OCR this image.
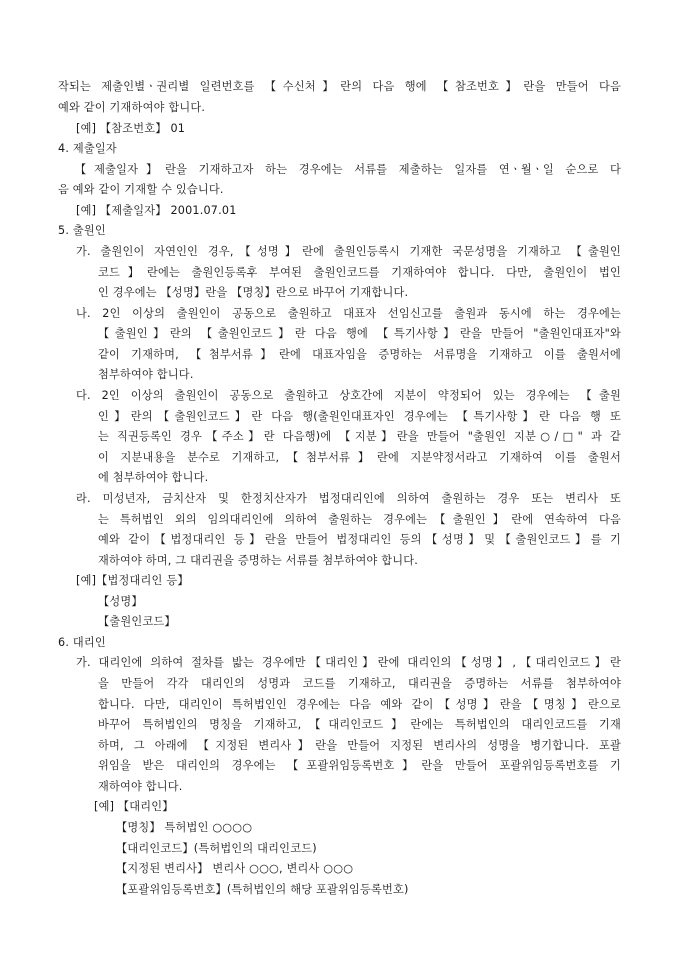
작되는 제출인별ㆍ권리별 일련번호를 【수신처】란의 다음 행에 【참조번호】란을 만들어 다음
예와 같이 기재하여야 합니다.
[예] 【참조번호】 01
4. 제출일자
【제출일자】란을 기재하고자 하는 경우에는 서류를 제출하는 일자를 연ㆍ월ㆍ일 순으로 다
음 예와 같이 기재할 수 있습니다.
[예] 【제출일자】 2001.07.01
5. 출원인
가. 출원인이 자연인인 경우,【성명】란에 출원인등록시 기재한 국문성명을 기재하고 【출원인
코드】란에는 출원인등록후 부여된 출원인코드를 기재하여야 합니다. 다만, 출원인이 법인
인 경우에는 【성명】란을 【명칭】란으로 바꾸어 기재합니다.
나. 2인 이상의 출원인이 공동으로 출원하고 대표자 선임신고를 출원과 동시에 하는 경우에는
【출원인】란의 【출원인코드】란 다음 행에 【특기사항】란을 만들어 "출원인대표자"와
같이 기재하며, 【첨부서류】란에 대표자임을 증명하는 서류명을 기재하고 이를 출원서에
첨부하여야 합니다.
다. 2인 이상의 출원인이 공동으로 출원하고 상호간에 지분이 약정되어 있는 경우에는 【출원
인】란의【출원인코드】란 다음 행(출원인대표자인 경우에는 【특기사항】란 다음 행 또
는 직권등록인 경우【주소】란 다음행)에 【지분】란을 만들어 "출원인 지분○/□" 과 같
이 지분내용을 분수로 기재하고,【첨부서류】란에 지분약정서라고 기재하여 이를 출원서
에 첨부하여야 합니다.
라. 미성년자, 금치산자 및 한정치산자가 법정대리인에 의하여 출원하는 경우 또는 변리사 또
는 특허법인 외의 임의대리인에 의하여 출원하는 경우에는【출원인】란에 연속하여 다음
예와 같이【법정대리인 등】란을 만들어 법정대리인 등의【성명】및【출원인코드】를 기
재하여야 하며, 그 대리권을 증명하는 서류를 첨부하여야 합니다.
[예]【법정대리인 등】
【성명】
【출원인코드】
6. 대리인
가. 대리인에 의하여 절차를 밟는 경우에만【대리인】란에 대리인의【성명】,【대리인코드】란
을 만들어 각각 대리인의 성명과 코드를 기재하고, 대리권을 증명하는 서류를 첨부하여야
합니다. 다만, 대리인이 특허법인인 경우에는 다음 예와 같이【성명】란을【명칭】란으로
바꾸어 특허법인의 명칭을 기재하고,【대리인코드】란에는 특허법인의 대리인코드를 기재
하며, 그 아래에 【지정된 변리사】란을 만들어 지정된 변리사의 성명을 병기합니다. 포괄
위임을 받은 대리인의 경우에는 【포괄위임등록번호】란을 만들어 포괄위임등록번호를 기
재하여야 합니다.
[예] 【대리인】
【명칭】 특허법인 ○○○○
【대리인코드】(특허법인의 대리인코드)
【지정된 변리사】 변리사 ○○○, 변리사 ○○○
【포괄위임등록번호】(특허법인의 해당 포괄위임등록번호)
